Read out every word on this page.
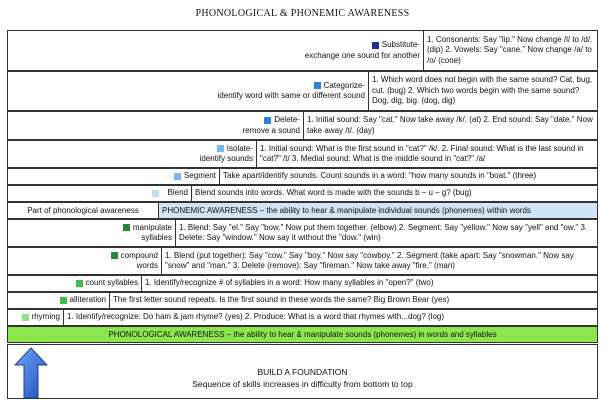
PHONOLOGICAL & PHONEMIC AWARENESS
Substitute-
exchange one sound for another
1. Consonants: Say "lip." Now change /l/ to /d/. (dip) 2. Vowels: Say "cane." Now change /a/ to /o/ (cone)
Categorize-
identify word with same or different sound
1. Which word does not begin with the same sound? Cat, bug, cut. (bug) 2. Which two words begin with the same sound? Dog, dig, big. (dog, dig)
Delete-
remove a sound
1. Initial sound: Say "cat." Now take away /k/. (at) 2. End sound: Say "date." Now take away /t/. (day)
Isolate-
identify sounds
1. Initial sound: What is the first sound in "cat?" /k/. 2. Final sound: What is the last sound in "cat?" /t/ 3. Medial sound: What is the middle sound in "cat?" /a/
Segment Take apart/identify sounds. Count sounds in a word: "how many sounds in "boat." (three)
Blend Blend sounds into words. What word is made with the sounds b – u – g? (bug)
Part of phonological awareness	PHONEMIC AWARENESS – the ability to hear & manipulate individual sounds (phonemes) within words
manipulate
syllables
1. Blend: Say "el." Say "bow." Now put them together. (elbow) 2. Segment: Say "yellow." Now say "yell" and "ow." 3. Delete: Say "window." Now say it without the "dow." (win)
compound
words
1. Blend (put together): Say "cow." Say "boy." Now say "cowboy." 2. Segment (take apart: Say "snowman." Now say "snow" and "man." 3. Delete (remove): Say "fireman." Now take away "fire." (man)
count syllables 1. Identify/recognize # of syllables in a word: How many syllables in "open?" (two)
alliteration The first letter sound repeats. Is the first sound in these words the same? Big Brown Bear (yes)
rhyming 1. Identify/recognize: Do ham & jam rhyme? (yes) 2. Produce: What is a word that rhymes with...dog? (log)
PHONOLOGICAL AWARENESS – the ability to hear & manipulate sounds (phonemes) in words and syllables
BUILD A FOUNDATION
Sequence of skills increases in difficulty from bottom to top
